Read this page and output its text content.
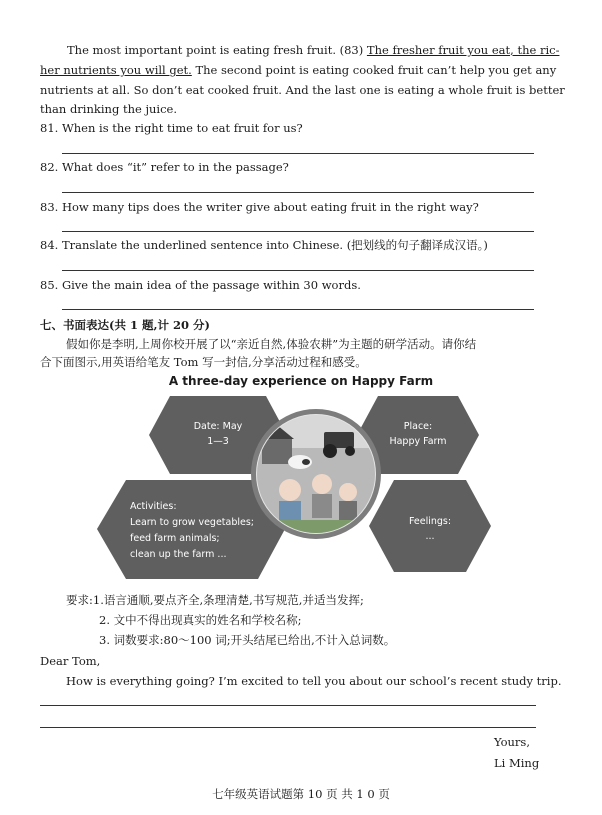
The most important point is eating fresh fruit. (83) The fresher fruit you eat, the ric-
her nutrients you will get. The second point is eating cooked fruit can’t help you get any
nutrients at all. So don’t eat cooked fruit. And the last one is eating a whole fruit is better
than drinking the juice.
81. When is the right time to eat fruit for us?
82. What does “it” refer to in the passage?
83. How many tips does the writer give about eating fruit in the right way?
84. Translate the underlined sentence into Chinese. (把划线的句子翻译成汉语。)
85. Give the main idea of the passage within 30 words.
七、书面表达(共 1 题,计 20 分)
假如你是李明,上周你校开展了以“亲近自然,体验农耕”为主题的研学活动。请你结
合下面图示,用英语给笔友 Tom 写一封信,分享活动过程和感受。
A three-day experience on Happy Farm
Date: May
1—3
Place:
Happy Farm
Activities:
Learn to grow vegetables;
feed farm animals;
clean up the farm ...
Feelings:
...
要求:1.语言通顺,要点齐全,条理清楚,书写规范,并适当发挥;
2. 文中不得出现真实的姓名和学校名称;
3. 词数要求:80～100 词;开头结尾已给出,不计入总词数。
Dear Tom,
How is everything going? I’m excited to tell you about our school’s recent study trip.
Yours,
Li Ming
七年级英语试题第 10 页 共 1 0 页
